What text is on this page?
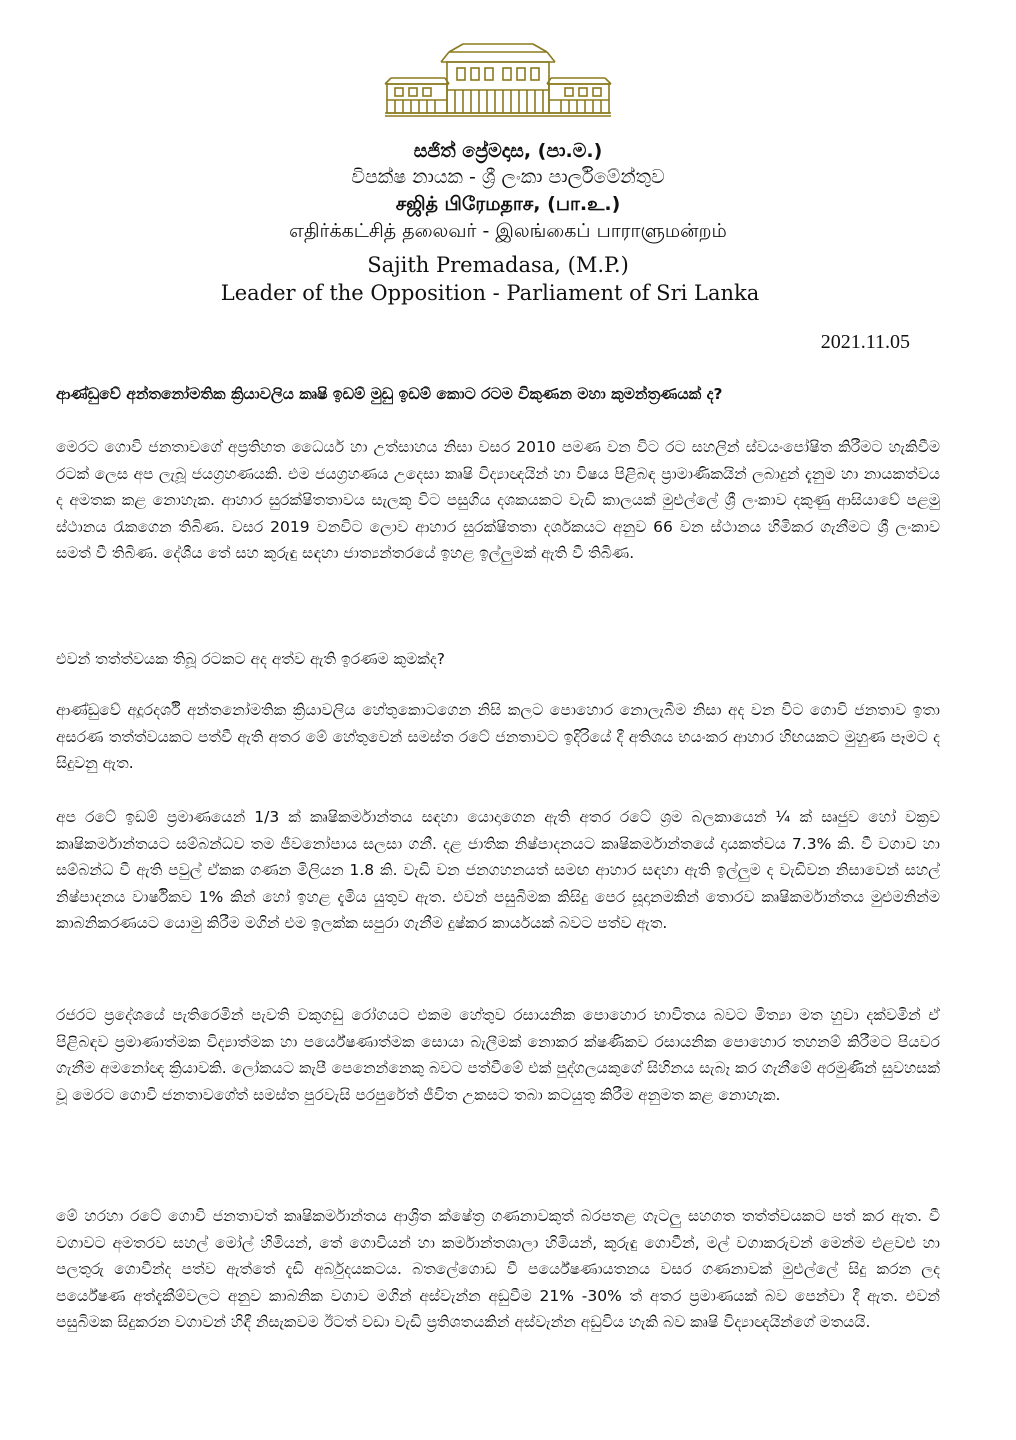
සජිත් ප්‍රේමදාස, (පා.ම.)
විපක්ෂ නායක - ශ්‍රී ලංකා පාර්ලිමේන්තුව
சஜித் பிரேமதாச, (பா.உ.)
எதிர்க்கட்சித் தலைவர் - இலங்கைப் பாராளுமன்றம்
Sajith Premadasa, (M.P.)
Leader of the Opposition - Parliament of Sri Lanka
2021.11.05
ආණ්ඩුවේ අන්තනෝමතික ක්‍රියාවලිය කෘෂි ඉඩම් මුඩු ඉඩම් කොට රටම විකුණන මහා කුමන්ත්‍රණයක් ද?

මෙරට ගොවි ජනතාවගේ අප්‍රතිහත ධෛර්ය හා උත්සාහය නිසා වසර 2010 පමණ වන විට රට සහලින් ස්වයංපෝෂිත කිරීමට හැකිවීම රටක් ලෙස අප ලැබූ ජයග්‍රහණයකි. එම ජයග්‍රහණය උදෙසා කෘෂි විද්‍යාඥයින් හා විෂය පිළිබඳ ප්‍රාමාණිකයින් ලබාදුන් දැනුම හා නායකත්වය ද අමතක කළ නොහැක. ආහාර සුරක්ෂිතතාවය සැලකූ විට පසුගිය දශකයකට වැඩි කාලයක් මුළුල්ලේ ශ්‍රී ලංකාව දකුණු ආසියාවේ පළමු ස්ථානය රැකගෙන තිබිණ. වසර 2019 වනවිට ලොව ආහාර සුරක්ෂිතතා දර්ශකයට අනුව 66 වන ස්ථානය හිමිකර ගැනීමට ශ්‍රී ලංකාව සමත් වී තිබිණ. දේශීය තේ සහ කුරුඳු සඳහා ජාත්‍යන්තරයේ ඉහළ ඉල්ලුමක් ඇති වී තිබිණ.

එවන් තත්ත්වයක තිබූ රටකට අද අත්ව ඇති ඉරණම කුමක්ද?

ආණ්ඩුවේ අදූරදර්ශී අන්තනෝමතික ක්‍රියාවලිය හේතුකොටගෙන නිසි කලට පොහොර නොලැබීම නිසා අද වන විට ගොවි ජනතාව ඉතා අසරණ තත්ත්වයකට පත්වී ඇති අතර මේ හේතුවෙන් සමස්ත රටේ ජනතාවට ඉදිරියේ දී අතිශය භයංකර ආහාර හිඟයකට මුහුණ පෑමට ද සිදුවනු ඇත.

අප රටේ ඉඩම් ප්‍රමාණයෙන් 1/3 ක් කෘෂිකර්මාන්තය සඳහා යොදාගෙන ඇති අතර රටේ ශ්‍රම බලකායෙන් ¼ ක් සෘජුව හෝ වක්‍රව කෘෂිකර්මාන්තයට සම්බන්ධව තම ජීවනෝපාය සලසා ගනී. දළ ජාතික නිෂ්පාදනයට කෘෂිකර්මාන්තයේ දායකත්වය 7.3% කි. වී වගාව හා සම්බන්ධ වී ඇති පවුල් ඒකක ගණන මිලියන 1.8 කි. වැඩි වන ජනගහනයත් සමඟ ආහාර සඳහා ඇති ඉල්ලුම ද වැඩිවන නිසාවෙන් සහල් නිෂ්පාදනය වාර්ෂිකව 1% කින් හෝ ඉහළ දැමිය යුතුව ඇත. එවන් පසුබිමක කිසිදු පෙර සූදානමකින් තොරව කෘෂිකර්මාන්තය මුළුමනින්ම කාබනිකරණයට යොමු කිරීම මගින් එම ඉලක්ක සපුරා ගැනීම දුෂ්කර කාර්යයක් බවට පත්ව ඇත.

රජරට ප්‍රදේශයේ පැතිරෙමින් පැවති වකුගඩු රෝගයට එකම හේතුව රසායනික පොහොර භාවිතය බවට මිත්‍යා මත හුවා දක්වමින් ඒ පිළිබඳව ප්‍රමාණාත්මක විද්‍යාත්මක හා පර්යේෂණාත්මක සොයා බැලීමක් නොකර ක්ෂණිකව රසායනික පොහොර තහනම් කිරීමට පියවර ගැනීම අමනෝඥ ක්‍රියාවකි. ලෝකයට කැපී පෙනෙන්නෙකු බවට පත්වීමේ එක් පුද්ගලයකුගේ සිහිනය සැබෑ කර ගැනීමේ අරමුණින් සුවහසක් වූ මෙරට ගොවි ජනතාවගේත් සමස්ත පුරවැසි පරපුරේත් ජීවිත උකසට තබා කටයුතු කිරීම අනුමත කළ නොහැක.

මේ හරහා රටේ ගොවි ජනතාවත් කෘෂිකර්මාන්තය ආශ්‍රිත ක්ෂේත්‍ර ගණනාවකුත් බරපතළ ගැටලු සහගත තත්ත්වයකට පත් කර ඇත. වී වගාවට අමතරව සහල් මෝල් හිමියන්, තේ ගොවියන් හා කර්මාන්තශාලා හිමියන්, කුරුඳු ගොවීන්, මල් වගාකරුවන් මෙන්ම එළවළු හා පලතුරු ගොවීන්ද පත්ව ඇත්තේ දැඩි අර්බුදයකටය. බතලේගොඩ වී පර්යේෂණායතනය වසර ගණනාවක් මුළුල්ලේ සිදු කරන ලද පර්යේෂණ අත්දැකීම්වලට අනුව කාබනික වගාව මගින් අස්වැන්න අඩුවීම 21% -30% ත් අතර ප්‍රමාණයක් බව පෙන්වා දී ඇත. එවන් පසුබිමක සිදුකරන වගාවන් හිඳී නිසැකවම ඊටත් වඩා වැඩි ප්‍රතිශතයකින් අස්වැන්න අඩුවිය හැකි බව කෘෂි විද්‍යාඥයින්ගේ මතයයි.
